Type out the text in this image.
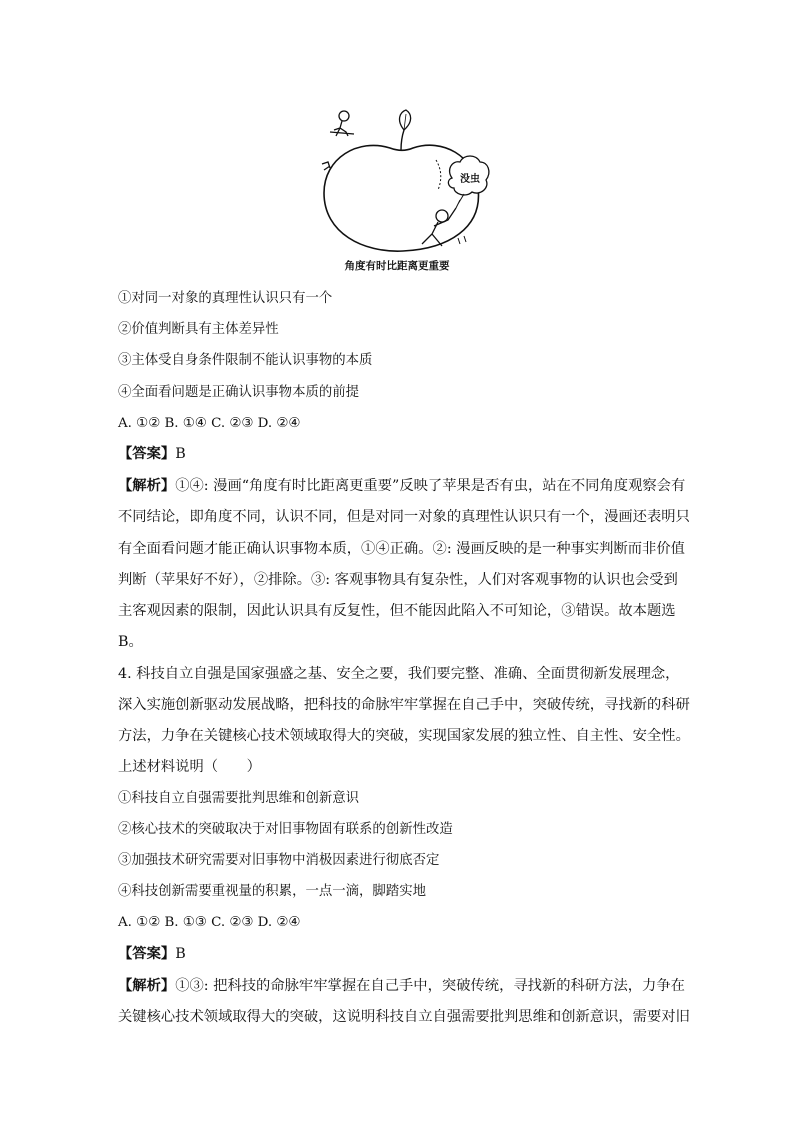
没虫
角度有时比距离更重要
①对同一对象的真理性认识只有一个
②价值判断具有主体差异性
③主体受自身条件限制不能认识事物的本质
④全面看问题是正确认识事物本质的前提
A. ①② B. ①④ C. ②③ D. ②④
【答案】B
【解析】①④: 漫画“角度有时比距离更重要”反映了苹果是否有虫，站在不同角度观察会有
不同结论，即角度不同，认识不同，但是对同一对象的真理性认识只有一个，漫画还表明只
有全面看问题才能正确认识事物本质，①④正确。②: 漫画反映的是一种事实判断而非价值
判断（苹果好不好），②排除。③: 客观事物具有复杂性，人们对客观事物的认识也会受到
主客观因素的限制，因此认识具有反复性，但不能因此陷入不可知论，③错误。故本题选
B。
4. 科技自立自强是国家强盛之基、安全之要，我们要完整、准确、全面贯彻新发展理念，
深入实施创新驱动发展战略，把科技的命脉牢牢掌握在自己手中，突破传统，寻找新的科研
方法，力争在关键核心技术领域取得大的突破，实现国家发展的独立性、自主性、安全性。
上述材料说明（　　）
①科技自立自强需要批判思维和创新意识
②核心技术的突破取决于对旧事物固有联系的创新性改造
③加强技术研究需要对旧事物中消极因素进行彻底否定
④科技创新需要重视量的积累，一点一滴，脚踏实地
A. ①② B. ①③ C. ②③ D. ②④
【答案】B
【解析】①③: 把科技的命脉牢牢掌握在自己手中，突破传统，寻找新的科研方法，力争在
关键核心技术领域取得大的突破，这说明科技自立自强需要批判思维和创新意识，需要对旧
